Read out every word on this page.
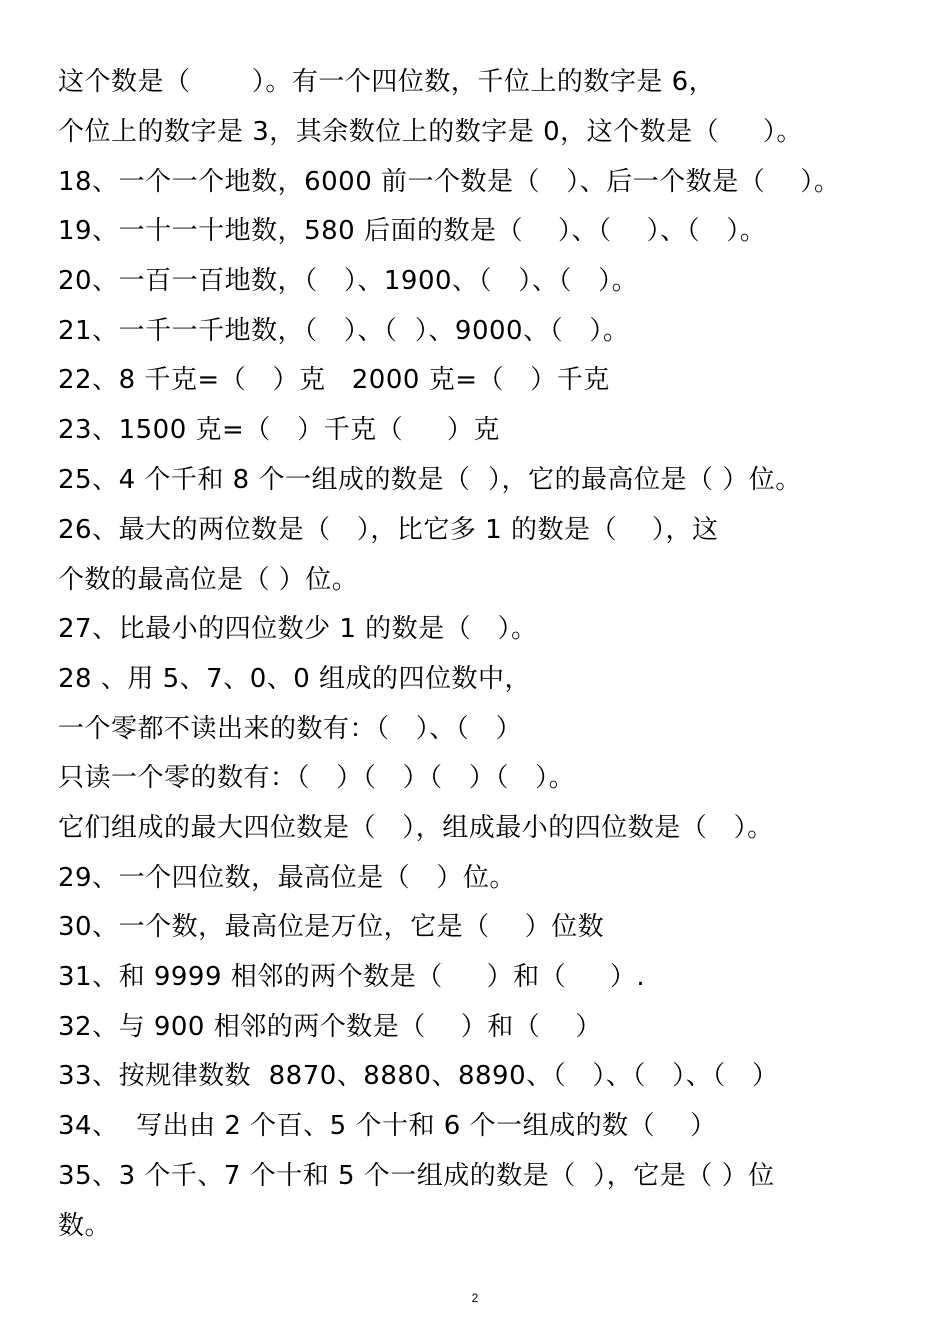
这个数是（       ）。有一个四位数，千位上的数字是 6，
个位上的数字是 3，其余数位上的数字是 0，这个数是（     ）。
18、一个一个地数，6000 前一个数是（   ）、后一个数是（    ）。
19、一十一十地数，580 后面的数是（    ）、（    ）、（   ）。
20、一百一百地数，（   ）、1900、（   ）、（   ）。
21、一千一千地数，（   ）、（  ）、9000、（   ）。
22、8 千克=（   ）克   2000 克=（   ）千克
23、1500 克=（   ）千克（     ）克
25、4 个千和 8 个一组成的数是（  ），它的最高位是（ ）位。
26、最大的两位数是（   ），比它多 1 的数是（    ），这
个数的最高位是（ ）位。
27、比最小的四位数少 1 的数是（   ）。
28 、用 5、7、0、0 组成的四位数中，
一个零都不读出来的数有：（   ）、（   ）
只读一个零的数有：（   ）（   ）（   ）（   ）。
它们组成的最大四位数是（   ），组成最小的四位数是（   ）。
29、一个四位数，最高位是（   ）位。
30、一个数，最高位是万位，它是（    ）位数
31、和 9999 相邻的两个数是（     ）和（     ）.
32、与 900 相邻的两个数是（    ）和（    ）
33、按规律数数  8870、8880、8890、（   ）、（   ）、（   ）
34、  写出由 2 个百、5 个十和 6 个一组成的数（    ）
35、3 个千、7 个十和 5 个一组成的数是（  ），它是（ ）位
数。
2
